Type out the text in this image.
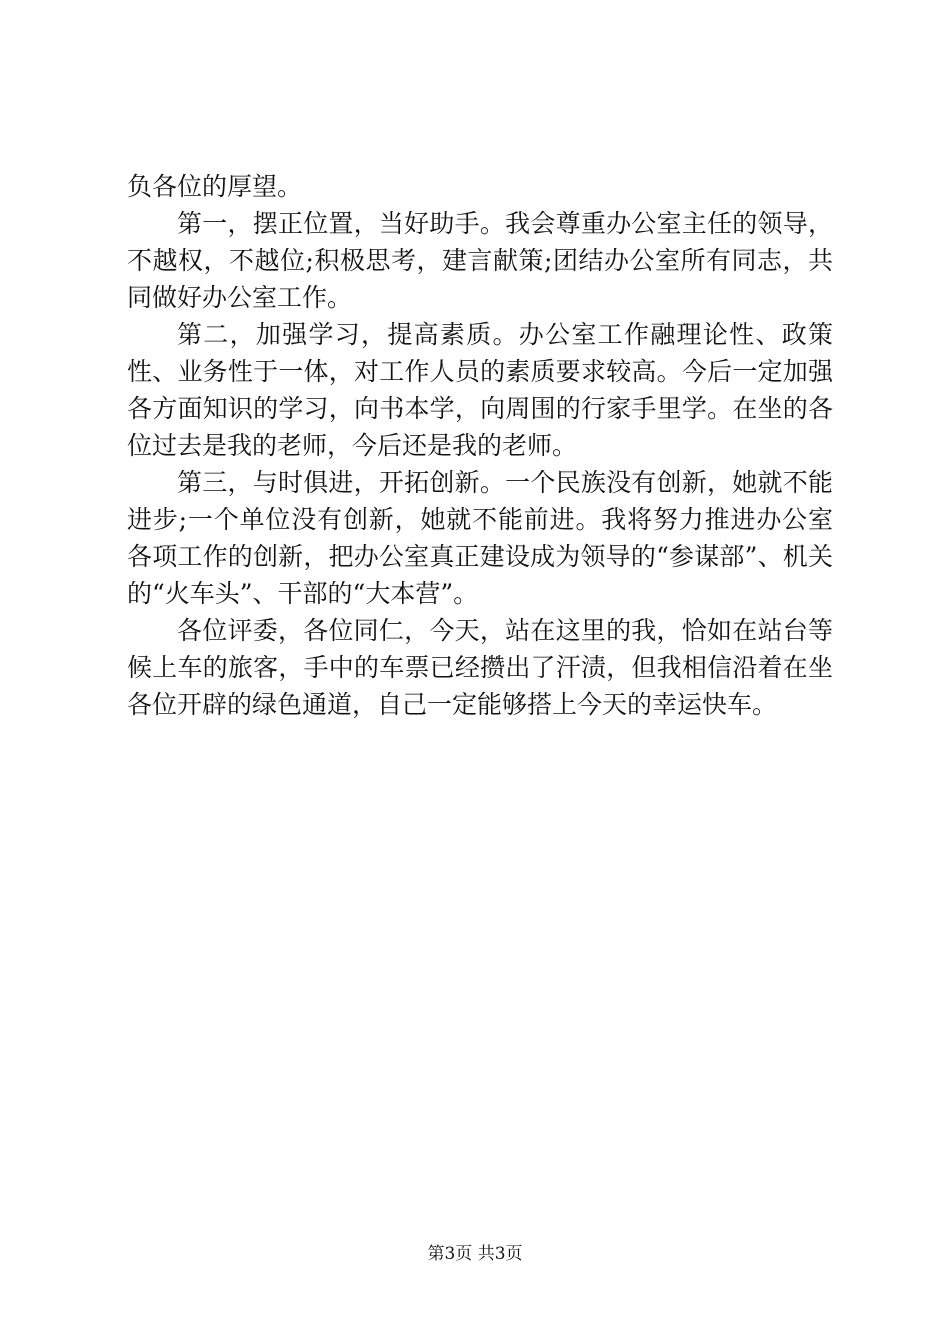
负各位的厚望。

第一，摆正位置，当好助手。我会尊重办公室主任的领导，不越权，不越位;积极思考，建言献策;团结办公室所有同志，共同做好办公室工作。

第二，加强学习，提高素质。办公室工作融理论性、政策性、业务性于一体，对工作人员的素质要求较高。今后一定加强各方面知识的学习，向书本学，向周围的行家手里学。在坐的各位过去是我的老师，今后还是我的老师。

第三，与时俱进，开拓创新。一个民族没有创新，她就不能进步;一个单位没有创新，她就不能前进。我将努力推进办公室各项工作的创新，把办公室真正建设成为领导的“参谋部”、机关的“火车头”、干部的“大本营”。

各位评委，各位同仁，今天，站在这里的我，恰如在站台等候上车的旅客，手中的车票已经攒出了汗渍，但我相信沿着在坐各位开辟的绿色通道，自己一定能够搭上今天的幸运快车。

第3页 共3页
